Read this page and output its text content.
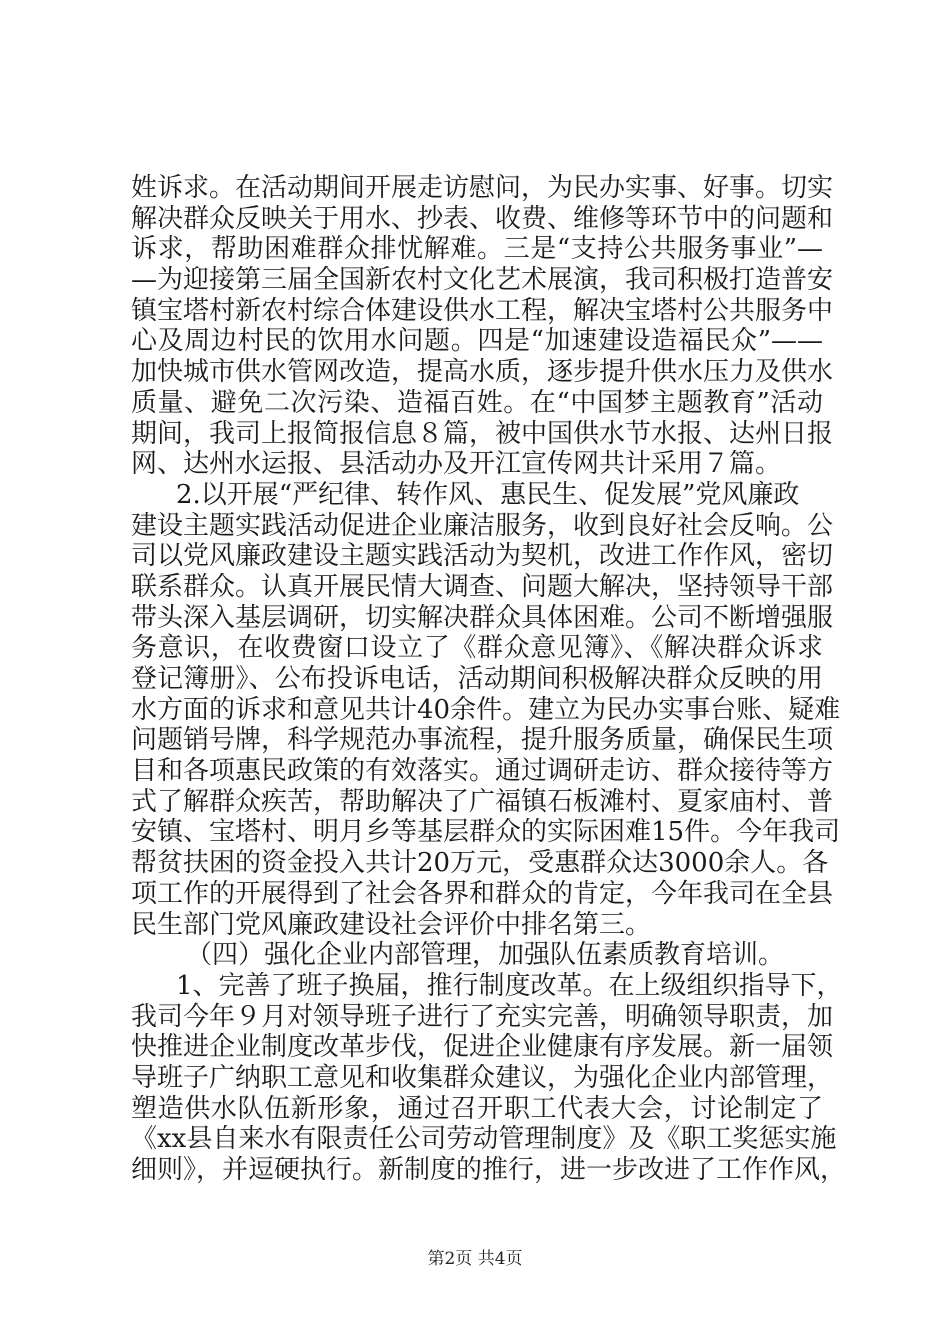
姓诉求。在活动期间开展走访慰问，为民办实事、好事。切实
解决群众反映关于用水、抄表、收费、维修等环节中的问题和
诉求，帮助困难群众排忧解难。三是“支持公共服务事业”—
—为迎接第三届全国新农村文化艺术展演，我司积极打造普安
镇宝塔村新农村综合体建设供水工程，解决宝塔村公共服务中
心及周边村民的饮用水问题。四是“加速建设造福民众”——
加快城市供水管网改造，提高水质，逐步提升供水压力及供水
质量、避免二次污染、造福百姓。在“中国梦主题教育”活动
期间，我司上报简报信息８篇，被中国供水节水报、达州日报
网、达州水运报、县活动办及开江宣传网共计采用７篇。
2.以开展“严纪律、转作风、惠民生、促发展”党风廉政
建设主题实践活动促进企业廉洁服务，收到良好社会反响。公
司以党风廉政建设主题实践活动为契机，改进工作作风，密切
联系群众。认真开展民情大调查、问题大解决，坚持领导干部
带头深入基层调研，切实解决群众具体困难。公司不断增强服
务意识，在收费窗口设立了《群众意见簿》、《解决群众诉求
登记簿册》、公布投诉电话，活动期间积极解决群众反映的用
水方面的诉求和意见共计40余件。建立为民办实事台账、疑难
问题销号牌，科学规范办事流程，提升服务质量，确保民生项
目和各项惠民政策的有效落实。通过调研走访、群众接待等方
式了解群众疾苦，帮助解决了广福镇石板滩村、夏家庙村、普
安镇、宝塔村、明月乡等基层群众的实际困难15件。今年我司
帮贫扶困的资金投入共计20万元，受惠群众达3000余人。各
项工作的开展得到了社会各界和群众的肯定，今年我司在全县
民生部门党风廉政建设社会评价中排名第三。
（四）强化企业内部管理，加强队伍素质教育培训。
1、完善了班子换届，推行制度改革。在上级组织指导下，
我司今年９月对领导班子进行了充实完善，明确领导职责，加
快推进企业制度改革步伐，促进企业健康有序发展。新一届领
导班子广纳职工意见和收集群众建议，为强化企业内部管理，
塑造供水队伍新形象，通过召开职工代表大会，讨论制定了
《xx县自来水有限责任公司劳动管理制度》及《职工奖惩实施
细则》，并逗硬执行。新制度的推行，进一步改进了工作作风，
第2页 共4页
